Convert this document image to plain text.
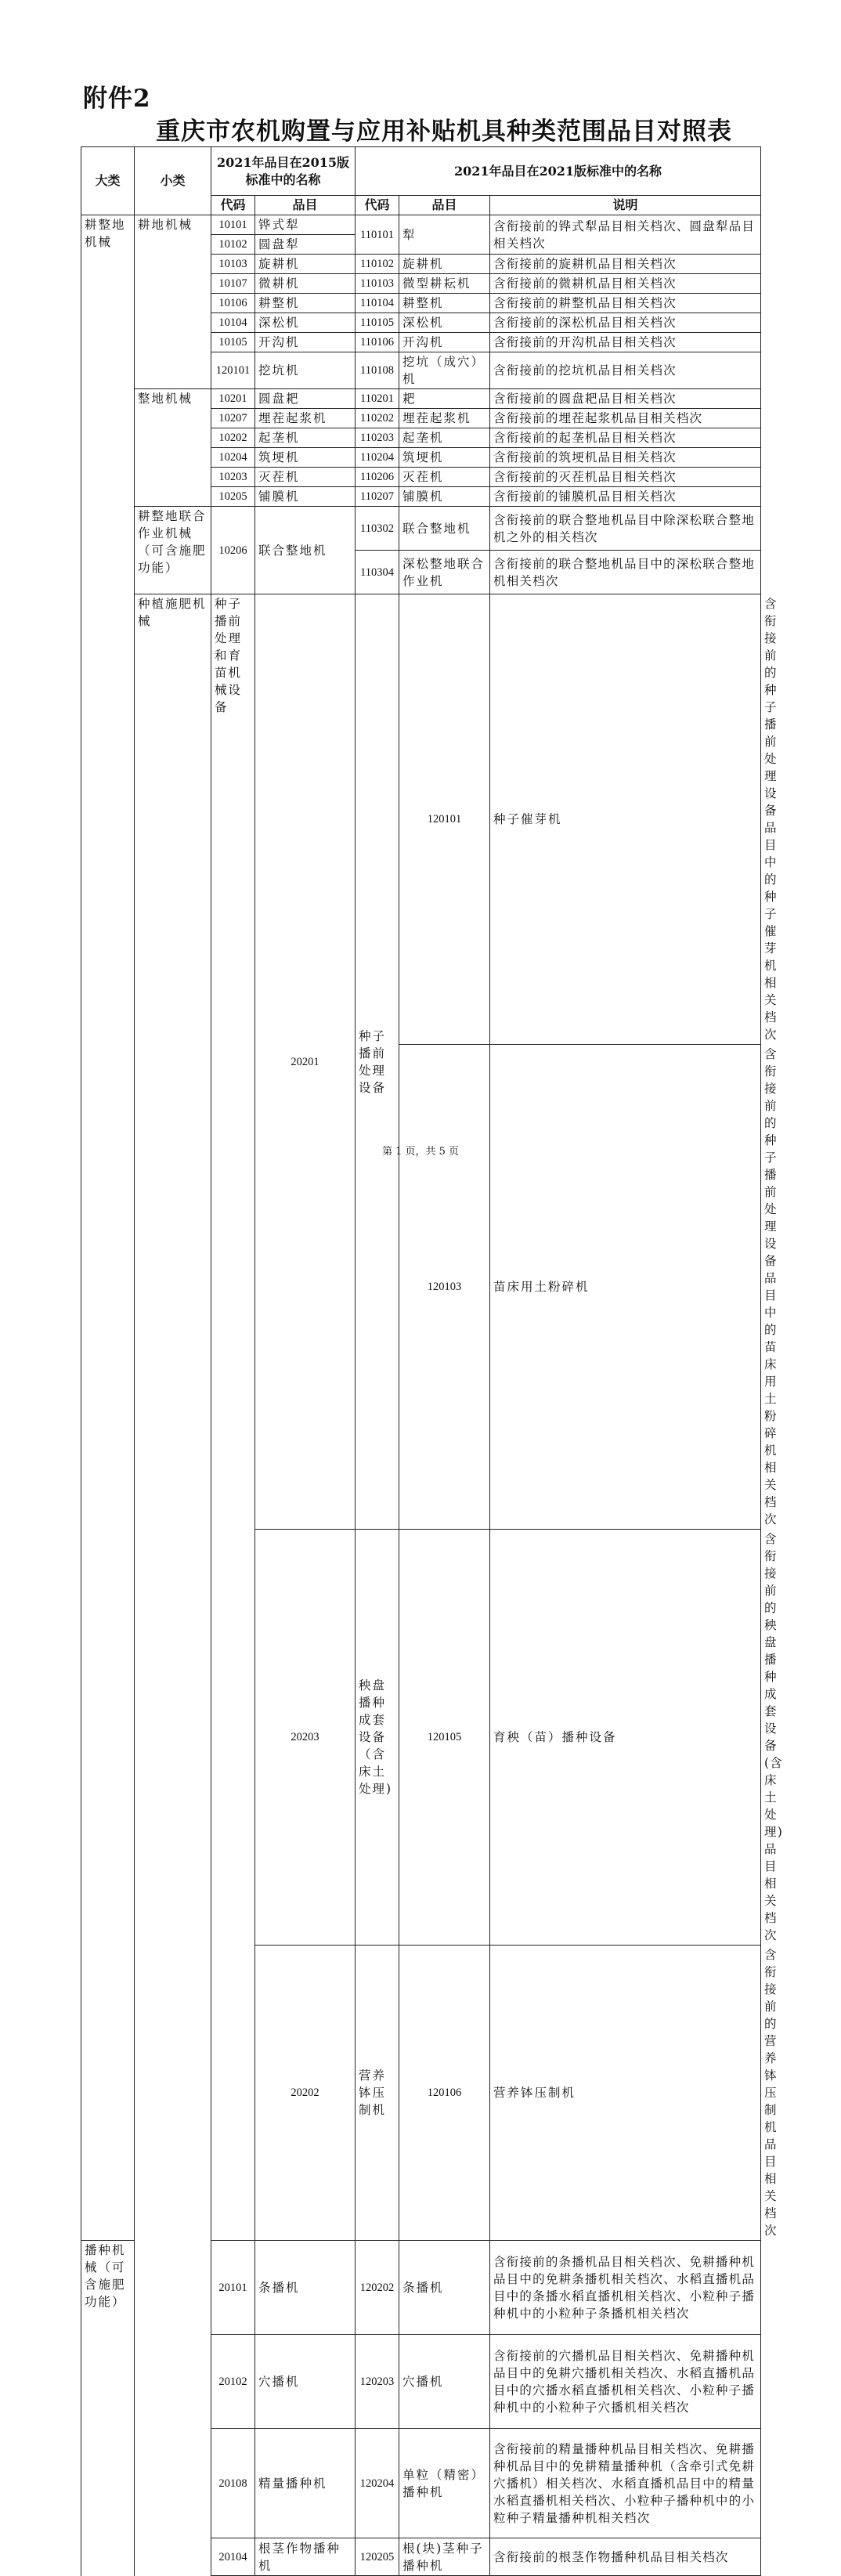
附件2
重庆市农机购置与应用补贴机具种类范围品目对照表
大类	小类	2021年品目在2015版标准中的名称		2021年品目在2021版标准中的名称			
		代码	品目	代码	品目	说明	
耕整地机械	耕地机械	10101	铧式犁	110101	犁	含衔接前的铧式犁品目相关档次、圆盘犁品目相关档次	
		10102	圆盘犁				
		10103	旋耕机	110102	旋耕机	含衔接前的旋耕机品目相关档次	
		10107	微耕机	110103	微型耕耘机	含衔接前的微耕机品目相关档次	
		10106	耕整机	110104	耕整机	含衔接前的耕整机品目相关档次	
		10104	深松机	110105	深松机	含衔接前的深松机品目相关档次	
		10105	开沟机	110106	开沟机	含衔接前的开沟机品目相关档次	
		120101	挖坑机	110108	挖坑（成穴）机	含衔接前的挖坑机品目相关档次	
	整地机械	10201	圆盘耙	110201	耙	含衔接前的圆盘耙品目相关档次	
		10207	埋茬起浆机	110202	埋茬起浆机	含衔接前的埋茬起浆机品目相关档次	
		10202	起垄机	110203	起垄机	含衔接前的起垄机品目相关档次	
		10204	筑埂机	110204	筑埂机	含衔接前的筑埂机品目相关档次	
		10203	灭茬机	110206	灭茬机	含衔接前的灭茬机品目相关档次	
		10205	铺膜机	110207	铺膜机	含衔接前的铺膜机品目相关档次	
	耕整地联合作业机械（可含施肥功能）	10206	联合整地机	110302	联合整地机	含衔接前的联合整地机品目中除深松联合整地机之外的相关档次	
				110304	深松整地联合作业机	含衔接前的联合整地机品目中的深松联合整地机相关档次	
	种植施肥机械	种子播前处理和育苗机械设备	20201	种子播前处理设备	120101	种子催芽机	含衔接前的种子播前处理设备品目中的种子催芽机相关档次
					120103	苗床用土粉碎机	含衔接前的种子播前处理设备品目中的苗床用土粉碎机相关档次
			20203	秧盘播种成套设备（含床土处理)	120105	育秧（苗）播种设备	含衔接前的秧盘播种成套设备(含床土处理)品目相关档次
			20202	营养钵压制机	120106	营养钵压制机	含衔接前的营养钵压制机品目相关档次
播种机械（可含施肥功能）		20101	条播机	120202	条播机	含衔接前的条播机品目相关档次、免耕播种机品目中的免耕条播机相关档次、水稻直播机品目中的条播水稻直播机相关档次、小粒种子播种机中的小粒种子条播机相关档次	
		20102	穴播机	120203	穴播机	含衔接前的穴播机品目相关档次、免耕播种机品目中的免耕穴播机相关档次、水稻直播机品目中的穴播水稻直播机相关档次、小粒种子播种机中的小粒种子穴播机相关档次	
		20108	精量播种机	120204	单粒（精密）播种机	含衔接前的精量播种机品目相关档次、免耕播种机品目中的免耕精量播种机（含牵引式免耕穴播机）相关档次、水稻直播机品目中的精量水稻直播机相关档次、小粒种子播种机中的小粒种子精量播种机相关档次	
		20104	根茎作物播种机	120205	根(块)茎种子播种机	含衔接前的根茎作物播种机品目相关档次	
第 1 页，共 5 页
